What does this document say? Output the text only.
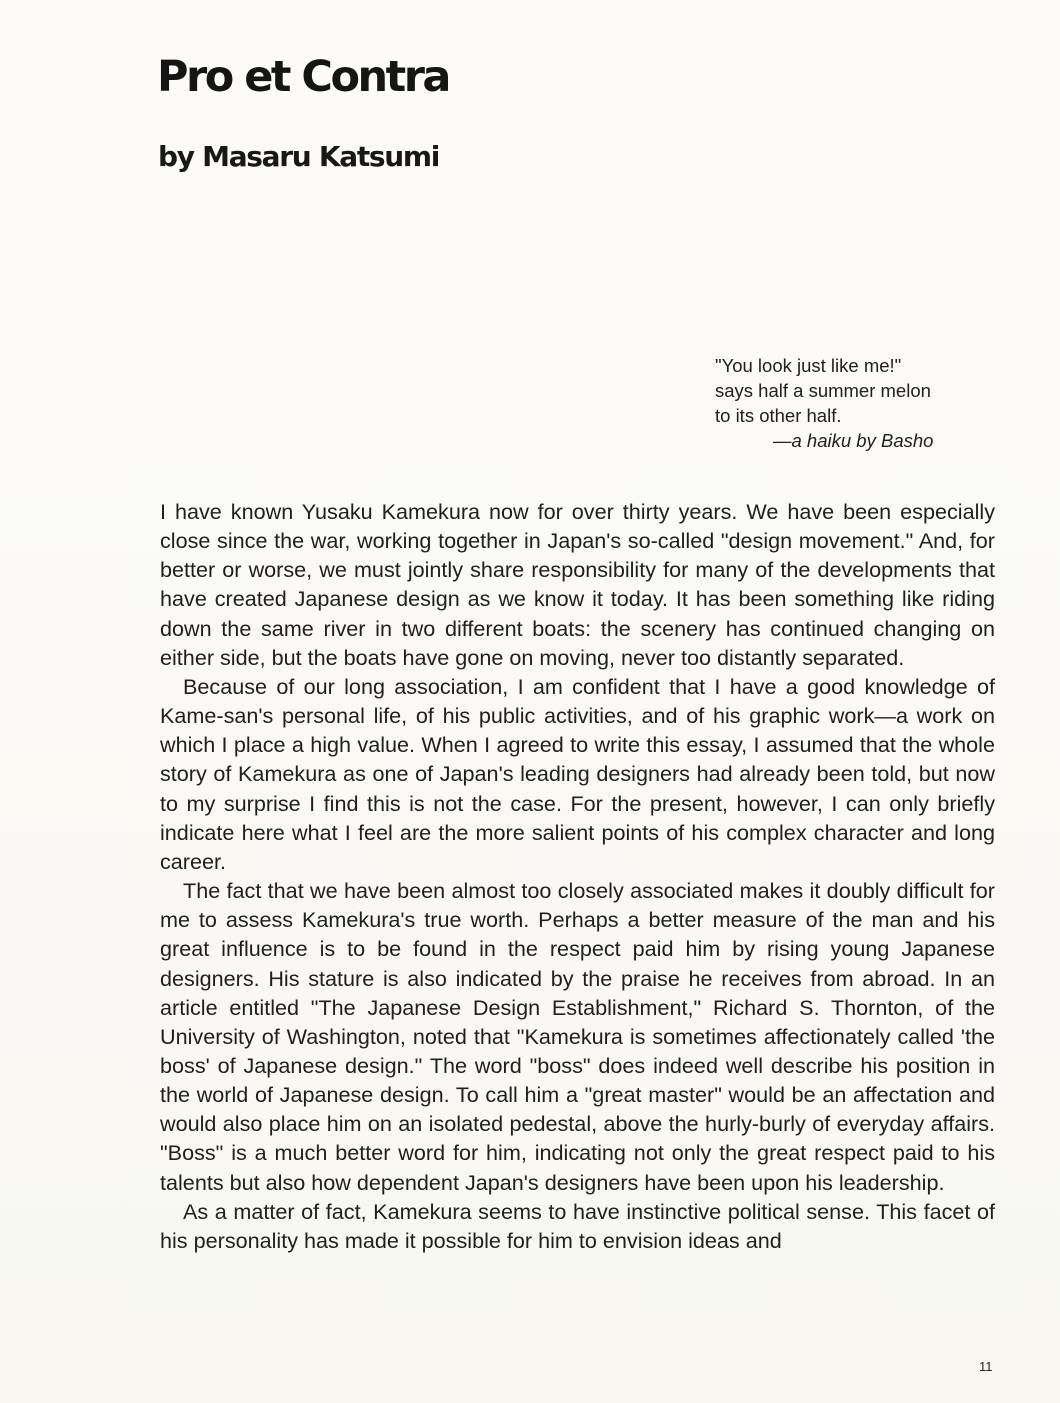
Pro et Contra
by Masaru Katsumi
"You look just like me!"
says half a summer melon
to its other half.
—a haiku by Basho

I have known Yusaku Kamekura now for over thirty years. We have been especially close since the war, working together in Japan's so-called "design movement." And, for better or worse, we must jointly share responsibility for many of the developments that have created Japanese design as we know it today. It has been something like riding down the same river in two different boats: the scenery has continued changing on either side, but the boats have gone on moving, never too distantly separated.

Because of our long association, I am confident that I have a good knowledge of Kame-san's personal life, of his public activities, and of his graphic work—a work on which I place a high value. When I agreed to write this essay, I assumed that the whole story of Kamekura as one of Japan's leading designers had already been told, but now to my surprise I find this is not the case. For the present, however, I can only briefly indicate here what I feel are the more salient points of his complex character and long career.

The fact that we have been almost too closely associated makes it doubly difficult for me to assess Kamekura's true worth. Perhaps a better measure of the man and his great influence is to be found in the respect paid him by rising young Japanese designers. His stature is also indicated by the praise he receives from abroad. In an article entitled "The Japanese Design Establishment," Richard S. Thornton, of the University of Washington, noted that "Kamekura is sometimes affectionately called 'the boss' of Japanese design." The word "boss" does indeed well describe his position in the world of Japanese design. To call him a "great master" would be an affectation and would also place him on an isolated pedestal, above the hurly-burly of everyday affairs. "Boss" is a much better word for him, indicating not only the great respect paid to his talents but also how dependent Japan's designers have been upon his leadership.

As a matter of fact, Kamekura seems to have instinctive political sense. This facet of his personality has made it possible for him to envision ideas and

11
